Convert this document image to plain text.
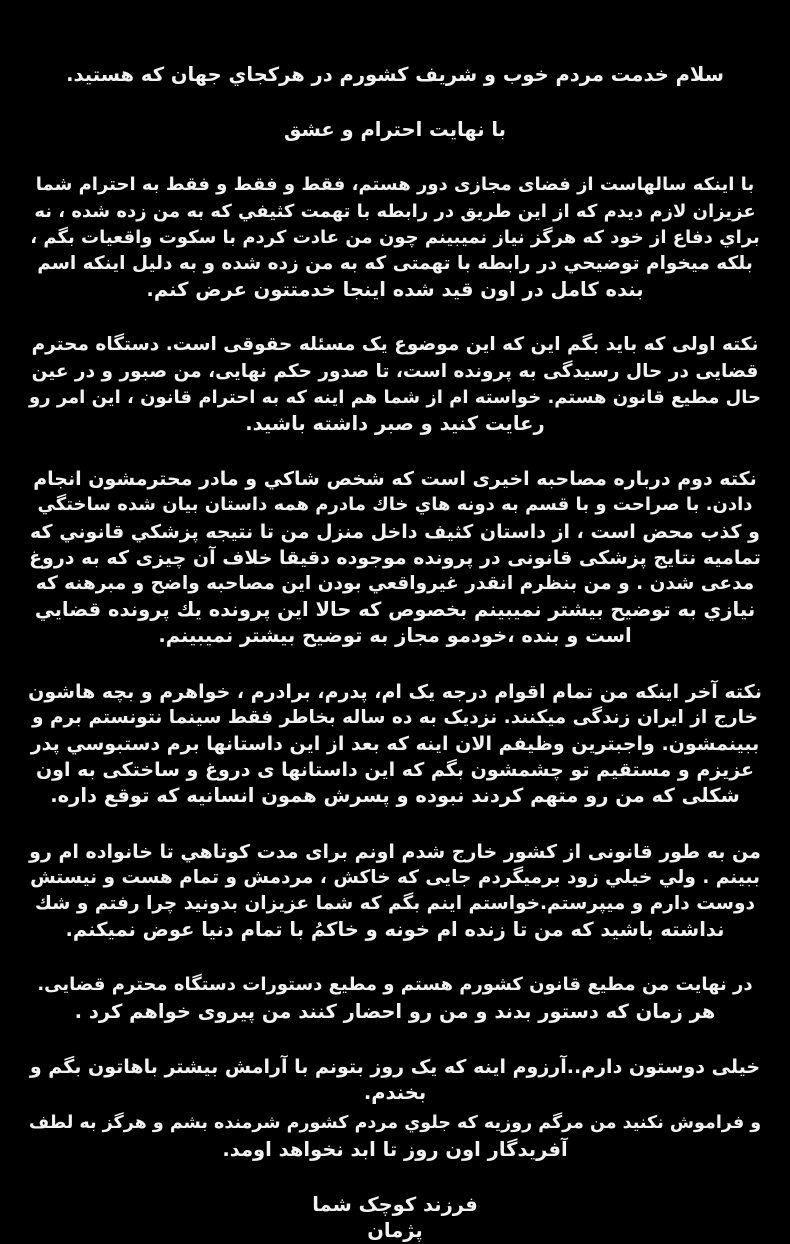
سلام خدمت مردم خوب و شریف کشورم در هرکجاي جهان که هستید.
با نهایت احترام و عشق
با اینکه سالهاست از فضای مجازی دور هستم، فقط و فقط و فقط به احترام شما
عزیزان لازم دیدم که از این طریق در رابطه با تهمت کثیفي که به من زده شده ، نه
براي دفاع از خود که هرگز نیاز نمیبینم چون من عادت کردم با سکوت واقعیات بگم ،
بلکه میخوام توضیحي در رابطه با تهمتی که به من زده شده و به دلیل اینکه اسم
بنده کامل در اون قید شده اینجا خدمتتون عرض کنم.
نکته اولی که باید بگم این که این موضوع یک مسئله حقوقی است. دستگاه محترم
قضایی در حال رسیدگی به پرونده است، تا صدور حکم نهایی، من صبور و در عین
حال مطیع قانون هستم. خواسته ام از شما هم اینه که به احترام قانون ، این امر رو
رعایت کنید و صبر داشته باشید.
نکته دوم درباره مصاحبه اخیری است که شخص شاکي و مادر محترمشون انجام
دادن. با صراحت و با قسم به دونه هاي خاك مادرم همه داستان بیان شده ساختگي
و کذب محض است ، از داستان کثیف داخل منزل من تا نتیجه پزشکي قانوني که
تمامیه نتایج پزشکی قانونی در پرونده موجوده دقیقا خلاف آن چیزی که به دروغ
مدعی شدن . و من بنظرم انقدر غیرواقعي بودن این مصاحبه واضح و مبرهنه که
نیازي به توضیح بیشتر نمیبینم بخصوص که حالا این پرونده یك پرونده قضایي
است و بنده ،خودمو مجاز به توضیح بیشتر نمیبینم.
نکته آخر اینکه من تمام اقوام درجه یک ام، پدرم، برادرم ، خواهرم و بچه هاشون
خارج از ایران زندگی میکنند. نزدیک به ده ساله بخاطر فقط سینما نتونستم برم و
ببینمشون. واجبترین وظیفم الان اینه که بعد از این داستانها برم دستبوسي پدر
عزیزم و مستقیم تو چشمشون بگم که این داستانها ی دروغ و ساختکی به اون
شکلی که من رو متهم کردند نبوده و پسرش همون انسانیه که توقع داره.
من به طور قانونی از کشور خارج شدم اونم برای مدت کوتاهي تا خانواده ام رو
ببینم . ولي خیلي زود برمیگردم جایی که خاکش ، مردمش و تمام هست و نیستش
دوست دارم و میپرستم.خواستم اینم بگم که شما عزیزان بدونید چرا رفتم و شك
نداشته باشید که من تا زنده ام خونه و خاکمُ با تمام دنیا عوض نمیکنم.
در نهایت من مطیع قانون کشورم هستم و مطیع دستورات دستگاه محترم قضایی.
هر زمان که دستور بدند و من رو احضار کنند من پیروی خواهم کرد .
خیلی دوستون دارم..آرزوم اینه که یک روز بتونم با آرامش بیشتر باهاتون بگم و
بخندم.
و فراموش نکنید من مرگم روزیه که جلوي مردم کشورم شرمنده بشم و هرگز به لطف
آفریدگار اون روز تا ابد نخواهد اومد.
فرزند کوچک شما
پژمان
